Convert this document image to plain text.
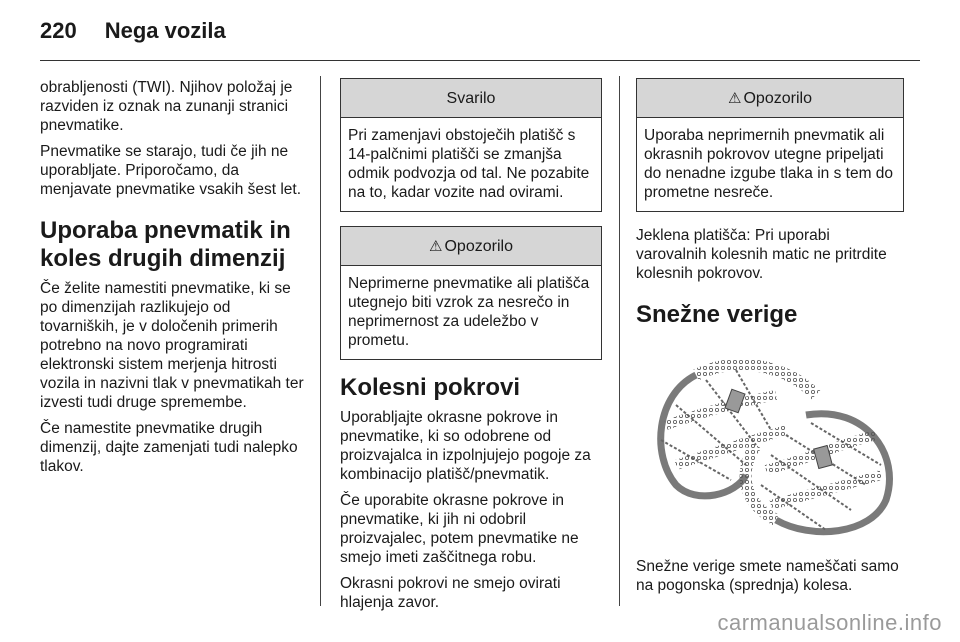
220 Nega vozila

obrabljenosti (TWI). Njihov položaj je razviden iz oznak na zunanji stranici pnevmatike.

Pnevmatike se starajo, tudi če jih ne uporabljate. Priporočamo, da menjavate pnevmatike vsakih šest let.

Uporaba pnevmatik in koles drugih dimenzij

Če želite namestiti pnevmatike, ki se po dimenzijah razlikujejo od tovarniških, je v določenih primerih potrebno na novo programirati elektronski sistem merjenja hitrosti vozila in nazivni tlak v pnevmatikah ter izvesti tudi druge spremembe.

Če namestite pnevmatike drugih dimenzij, dajte zamenjati tudi nalepko tlakov.

Svarilo
Pri zamenjavi obstoječih platišč s 14-palčnimi platišči se zmanjša odmik podvozja od tal. Ne pozabite na to, kadar vozite nad ovirami.
⚠ Opozorilo
Neprimerne pnevmatike ali platišča utegnejo biti vzrok za nesrečo in neprimernost za udeležbo v prometu.
Kolesni pokrovi

Uporabljajte okrasne pokrove in pnevmatike, ki so odobrene od proizvajalca in izpolnjujejo pogoje za kombinacijo platišč/pnevmatik.

Če uporabite okrasne pokrove in pnevmatike, ki jih ni odobril proizvajalec, potem pnevmatike ne smejo imeti zaščitnega robu.

Okrasni pokrovi ne smejo ovirati hlajenja zavor.

⚠ Opozorilo
Uporaba neprimernih pnevmatik ali okrasnih pokrovov utegne pripeljati do nenadne izgube tlaka in s tem do prometne nesreče.

Jeklena platišča: Pri uporabi varovalnih kolesnih matic ne pritrdite kolesnih pokrovov.

Snežne verige

Snežne verige smete nameščati samo na pogonska (sprednja) kolesa.

carmanualsonline.info
